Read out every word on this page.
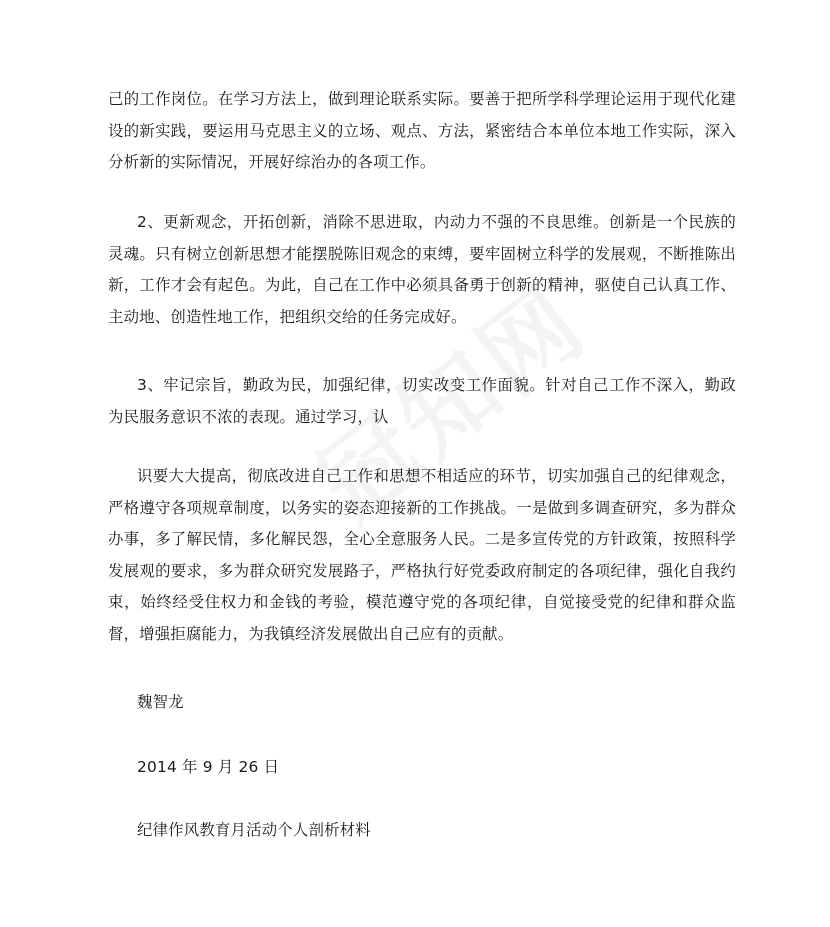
己的工作岗位。在学习方法上，做到理论联系实际。要善于把所学科学理论运用于现代化建设的新实践，要运用马克思主义的立场、观点、方法，紧密结合本单位本地工作实际，深入分析新的实际情况，开展好综治办的各项工作。

2、更新观念，开拓创新，消除不思进取，内动力不强的不良思维。创新是一个民族的灵魂。只有树立创新思想才能摆脱陈旧观念的束缚，要牢固树立科学的发展观，不断推陈出新，工作才会有起色。为此，自己在工作中必须具备勇于创新的精神，驱使自己认真工作、主动地、创造性地工作，把组织交给的任务完成好。

3、牢记宗旨，勤政为民，加强纪律，切实改变工作面貌。针对自己工作不深入，勤政为民服务意识不浓的表现。通过学习，认

识要大大提高，彻底改进自己工作和思想不相适应的环节，切实加强自己的纪律观念，严格遵守各项规章制度，以务实的姿态迎接新的工作挑战。一是做到多调查研究，多为群众办事，多了解民情，多化解民怨，全心全意服务人民。二是多宣传党的方针政策，按照科学发展观的要求，多为群众研究发展路子，严格执行好党委政府制定的各项纪律，强化自我约束，始终经受住权力和金钱的考验，模范遵守党的各项纪律，自觉接受党的纪律和群众监督，增强拒腐能力，为我镇经济发展做出自己应有的贡献。

魏智龙

2014 年 9 月 26 日

纪律作风教育月活动个人剖析材料
